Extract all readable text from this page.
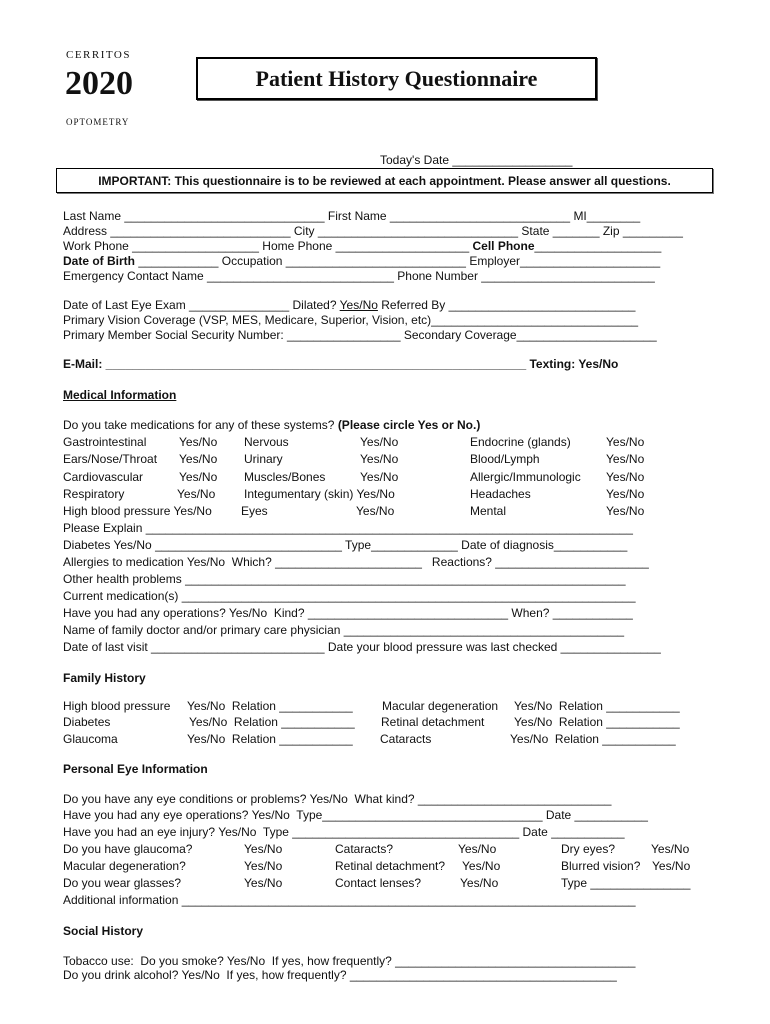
CERRITOS
2020
OPTOMETRY
Patient History Questionnaire
Today's Date __________________
IMPORTANT: This questionnaire is to be reviewed at each appointment. Please answer all questions.
Last Name ______________________________ First Name ___________________________ MI________
Address ___________________________ City ______________________________ State _______ Zip _________
Work Phone ___________________ Home Phone ____________________ Cell Phone___________________
Date of Birth ____________ Occupation ___________________________ Employer_____________________
Emergency Contact Name ____________________________ Phone Number __________________________
Date of Last Eye Exam _______________ Dilated? Yes/No Referred By ____________________________
Primary Vision Coverage (VSP, MES, Medicare, Superior, Vision, etc)_______________________________
Primary Member Social Security Number: _________________ Secondary Coverage_____________________
E-Mail: _______________________________________________________________ Texting: Yes/No
Medical Information
Do you take medications for any of these systems? (Please circle Yes or No.)
Gastrointestinal	Yes/No Nervous	Yes/No	Endocrine (glands)	Yes/No
Ears/Nose/Throat Yes/No Urinary	Yes/No	Blood/Lymph	Yes/No
Cardiovascular	Yes/No Muscles/Bones	Yes/No	Allergic/Immunologic Yes/No
Respiratory	Yes/No Integumentary (skin) Yes/No	Headaches	Yes/No
High blood pressure Yes/No Eyes	Yes/No	Mental	Yes/No
Please Explain _________________________________________________________________________
Diabetes Yes/No ____________________________ Type_____________ Date of diagnosis___________
Allergies to medication Yes/No  Which? ______________________   Reactions? _______________________
Other health problems __________________________________________________________________
Current medication(s) ____________________________________________________________________
Have you had any operations? Yes/No  Kind? ______________________________ When? ____________
Name of family doctor and/or primary care physician __________________________________________
Date of last visit __________________________ Date your blood pressure was last checked _______________
Family History
High blood pressure Yes/No  Relation ___________ Macular degeneration Yes/No  Relation ___________
Diabetes	Yes/No  Relation ___________ Retinal detachment Yes/No  Relation ___________
Glaucoma	Yes/No  Relation ___________ Cataracts	Yes/No  Relation ___________
Personal Eye Information
Do you have any eye conditions or problems? Yes/No  What kind? _____________________________
Have you had any eye operations? Yes/No  Type_________________________________ Date ___________
Have you had an eye injury? Yes/No  Type __________________________________ Date ___________
Do you have glaucoma?	Yes/No	Cataracts?	Yes/No	Dry eyes?	Yes/No
Macular degeneration?	Yes/No	Retinal detachment? Yes/No	Blurred vision? Yes/No
Do you wear glasses?	Yes/No	Contact lenses?	Yes/No	Type _______________
Additional information ____________________________________________________________________
Social History
Tobacco use:  Do you smoke? Yes/No  If yes, how frequently? ____________________________________
Do you drink alcohol? Yes/No  If yes, how frequently? ________________________________________
